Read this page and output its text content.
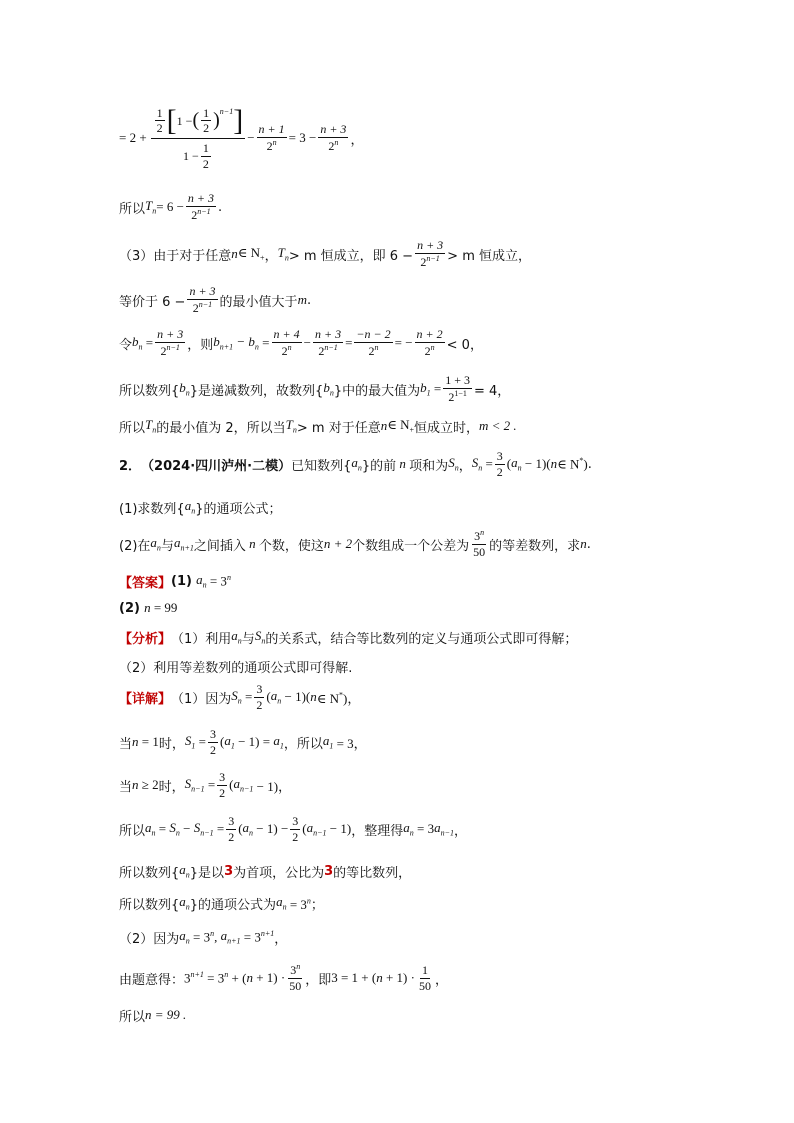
= 2 +
$\frac{1}{2}$ [ 1 − ( $\frac{1}{2} )^{n-1}$ ]
$1 - \frac{1}{2}$
− $\frac{n + 1}{2^n} = 3 - \frac{n + 3}{2^n}$ ，
所以 $T_n = 6 - \frac{n + 3}{2^{n-1}}$ .
（3）由于对于任意 n ∈ $N_+$ ， $T_n > m$ 恒成立，即 $6 - \frac{n + 3}{2^{n-1}} > m$ 恒成立，
等价于 $6 - \frac{n + 3}{2^{n-1}}$ 的最小值大于 m .
令 $b_n = \frac{n + 3}{2^{n-1}}$ ，则 $b_{n+1} - b_n = \frac{n + 4}{2^n} - \frac{n + 3}{2^{n-1}} = \frac{-n - 2}{2^n}$ = − $\frac{n + 2}{2^n} < 0$，
所以数列{ $b_n$ }是递减数列，故数列{ $b_n$ }中的最大值为 $b_1 = \frac{1 + 3}{2^{1-1}} = 4$，
所以 $T_n$ 的最小值为 2，所以当 $T_n > m$ 对于任意 n ∈ $N_+$ 恒成立时， m < 2 .
2． （2024·四川泸州·二模） 已知数列{ $a_n$ }的前 n 项和为 $S_n$ ， $S_n = \frac{3}{2}$ ( $a_n - 1$)( n ∈ N*) .
(1)求数列{ $a_n$ }的通项公式；
(2)在 $a_n$ 与 $a_{n+1}$ 之间插入 n 个数，使这 n + 2 个数组成一个公差为 $\frac{3^n}{50}$ 的等差数列，求 n .
【答案】 (1)
$a_n = 3^n$
(2)
n = 99
【分析】 （1）利用 $a_n$ 与 $S_n$ 的关系式，结合等比数列的定义与通项公式即可得解；
（2）利用等差数列的通项公式即可得解.
【详解】 （1）因为 $S_n = \frac{3}{2}$ ( $a_n - 1$)( n ∈ N*)，
当 n = 1 时， $S_1 = \frac{3}{2}$ ( $a_1 - 1) = a_1$ ，所以 $a_1 = 3$，
当 n ≥ 2 时， $S_{n-1} = \frac{3}{2}$ ( $a_{n-1} - 1$)，
所以 $a_n = S_n - S_{n-1} = \frac{3}{2}$ ( $a_n - 1) - \frac{3}{2}$ ( $a_{n-1} - 1$) ，整理得 $a_n = 3$ $a_{n-1}$ ，
所以数列{ $a_n$ }是以 3 为首项，公比为 3 的等比数列，
所以数列{ $a_n$ }的通项公式为 $a_n = 3^n$；
（2）因为 $a_n = 3^n$, $a_{n+1} = 3^{n+1}$ ，
由题意得： $3^{n+1} = 3^n$ + ( $n + 1) \cdot \frac{3^n}{50}$ ，即 3 = 1 + ( $n + 1) \cdot \frac{1}{50}$ ，
所以 n = 99 .
